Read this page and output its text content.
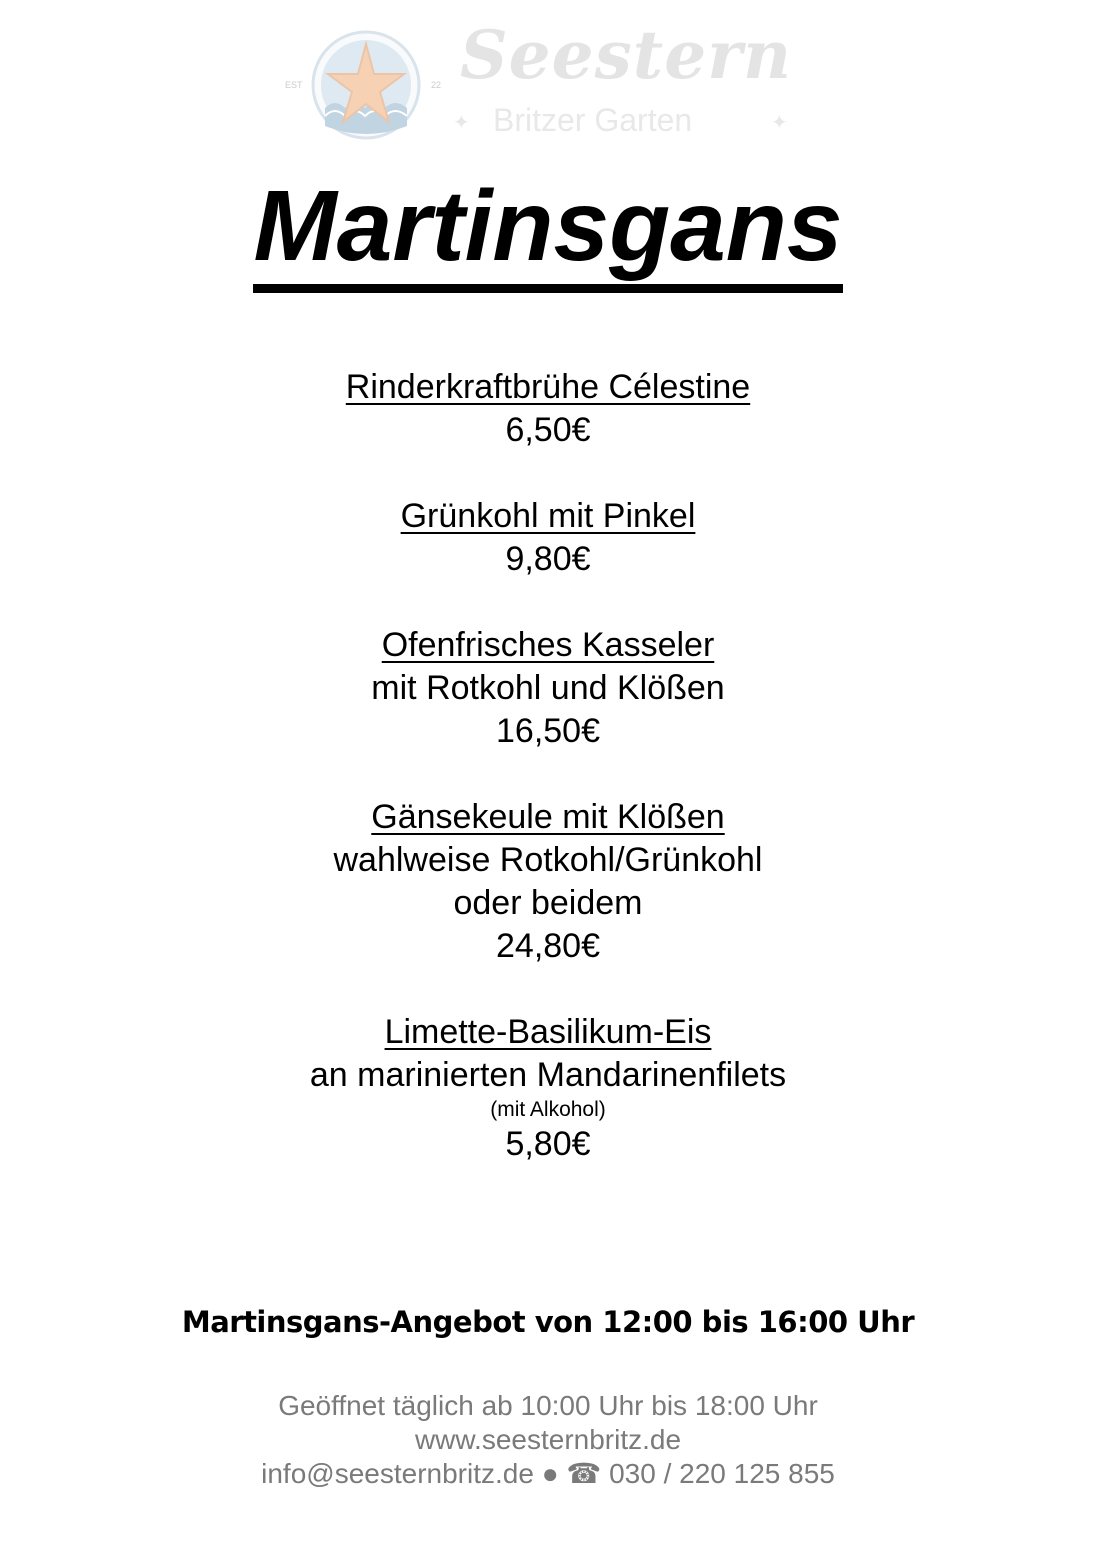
EST	22 Seestern
✦ Britzer Garten	✦
Martinsgans
Rinderkraftbrühe Célestine
6,50€
Grünkohl mit Pinkel
9,80€
Ofenfrisches Kasseler
mit Rotkohl und Klößen
16,50€
Gänsekeule mit Klößen
wahlweise Rotkohl/Grünkohl
oder beidem
24,80€
Limette-Basilikum-Eis
an marinierten Mandarinenfilets
(mit Alkohol)
5,80€
Martinsgans-Angebot von 12:00 bis 16:00 Uhr
Geöffnet täglich ab 10:00 Uhr bis 18:00 Uhr
www.seesternbritz.de
info@seesternbritz.de ● ☎ 030 / 220 125 855
